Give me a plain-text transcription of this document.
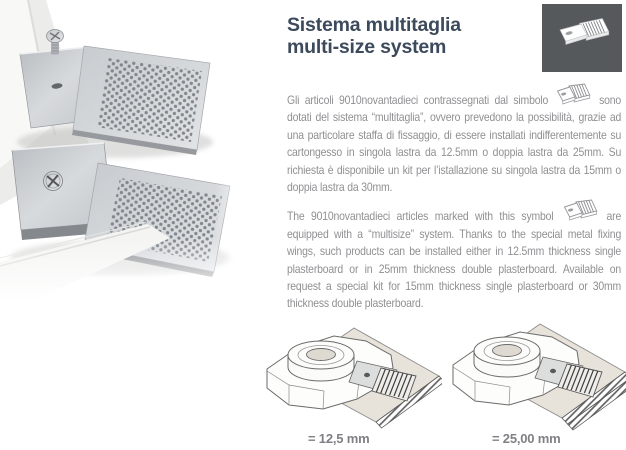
Sistema multitaglia
multi-size system

Gli articoli 9010novantadieci contrassegnati dal simbolo	sono dotati del sistema “multitaglia”, ovvero prevedono la possibilità, grazie ad una particolare staffa di fissaggio, di essere installati indifferentemente su cartongesso in singola lastra da 12.5mm o doppia lastra da 25mm. Su richiesta è disponibile un kit per l’istallazione su singola lastra da 15mm o doppia lastra da 30mm.

The 9010novantadieci articles marked with this symbol	are equipped with a “multisize” system. Thanks to the special metal fixing wings, such products can be installed either in 12.5mm thickness single plasterboard or in 25mm thickness double plasterboard. Available on request a special kit for 15mm thickness single plasterboard or 30mm thickness double plasterboard.

= 12,5 mm	= 25,00 mm
